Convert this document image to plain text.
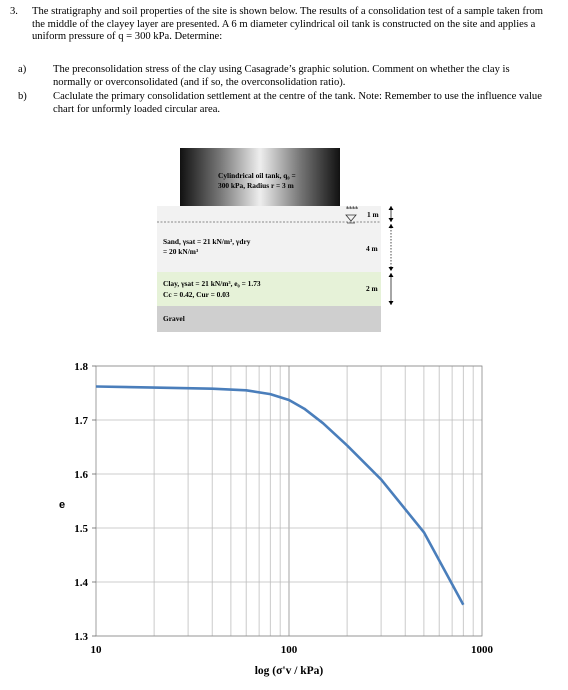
3. The stratigraphy and soil properties of the site is shown below. The results of a consolidation test of a sample taken from the middle of the clayey layer are presented. A 6 m diameter cylindrical oil tank is constructed on the site and applies a uniform pressure of q = 300 kPa. Determine:
a)	The preconsolidation stress of the clay using Casagrade’s graphic solution. Comment on whether the clay is normally or overconsolidated (and if so, the overconsolidation ratio).
b) Caclulate the primary consolidation settlement at the centre of the tank. Note: Remember to use the influence value chart for unformly loaded circular area.
Cylindrical oil tank, q₀ =
300 kPa, Radius r = 3 m
Sand, γsat = 21 kN/m³, γdry
= 20 kN/m³
Clay, γsat = 21 kN/m³, e₀ = 1.73
Cc = 0.42, Cur = 0.03
Gravel
1 m
4 m
2 m
1.3
1.4
1.5
1.6
1.7
1.8
10	100	1000
e
log (σ'v / kPa)
